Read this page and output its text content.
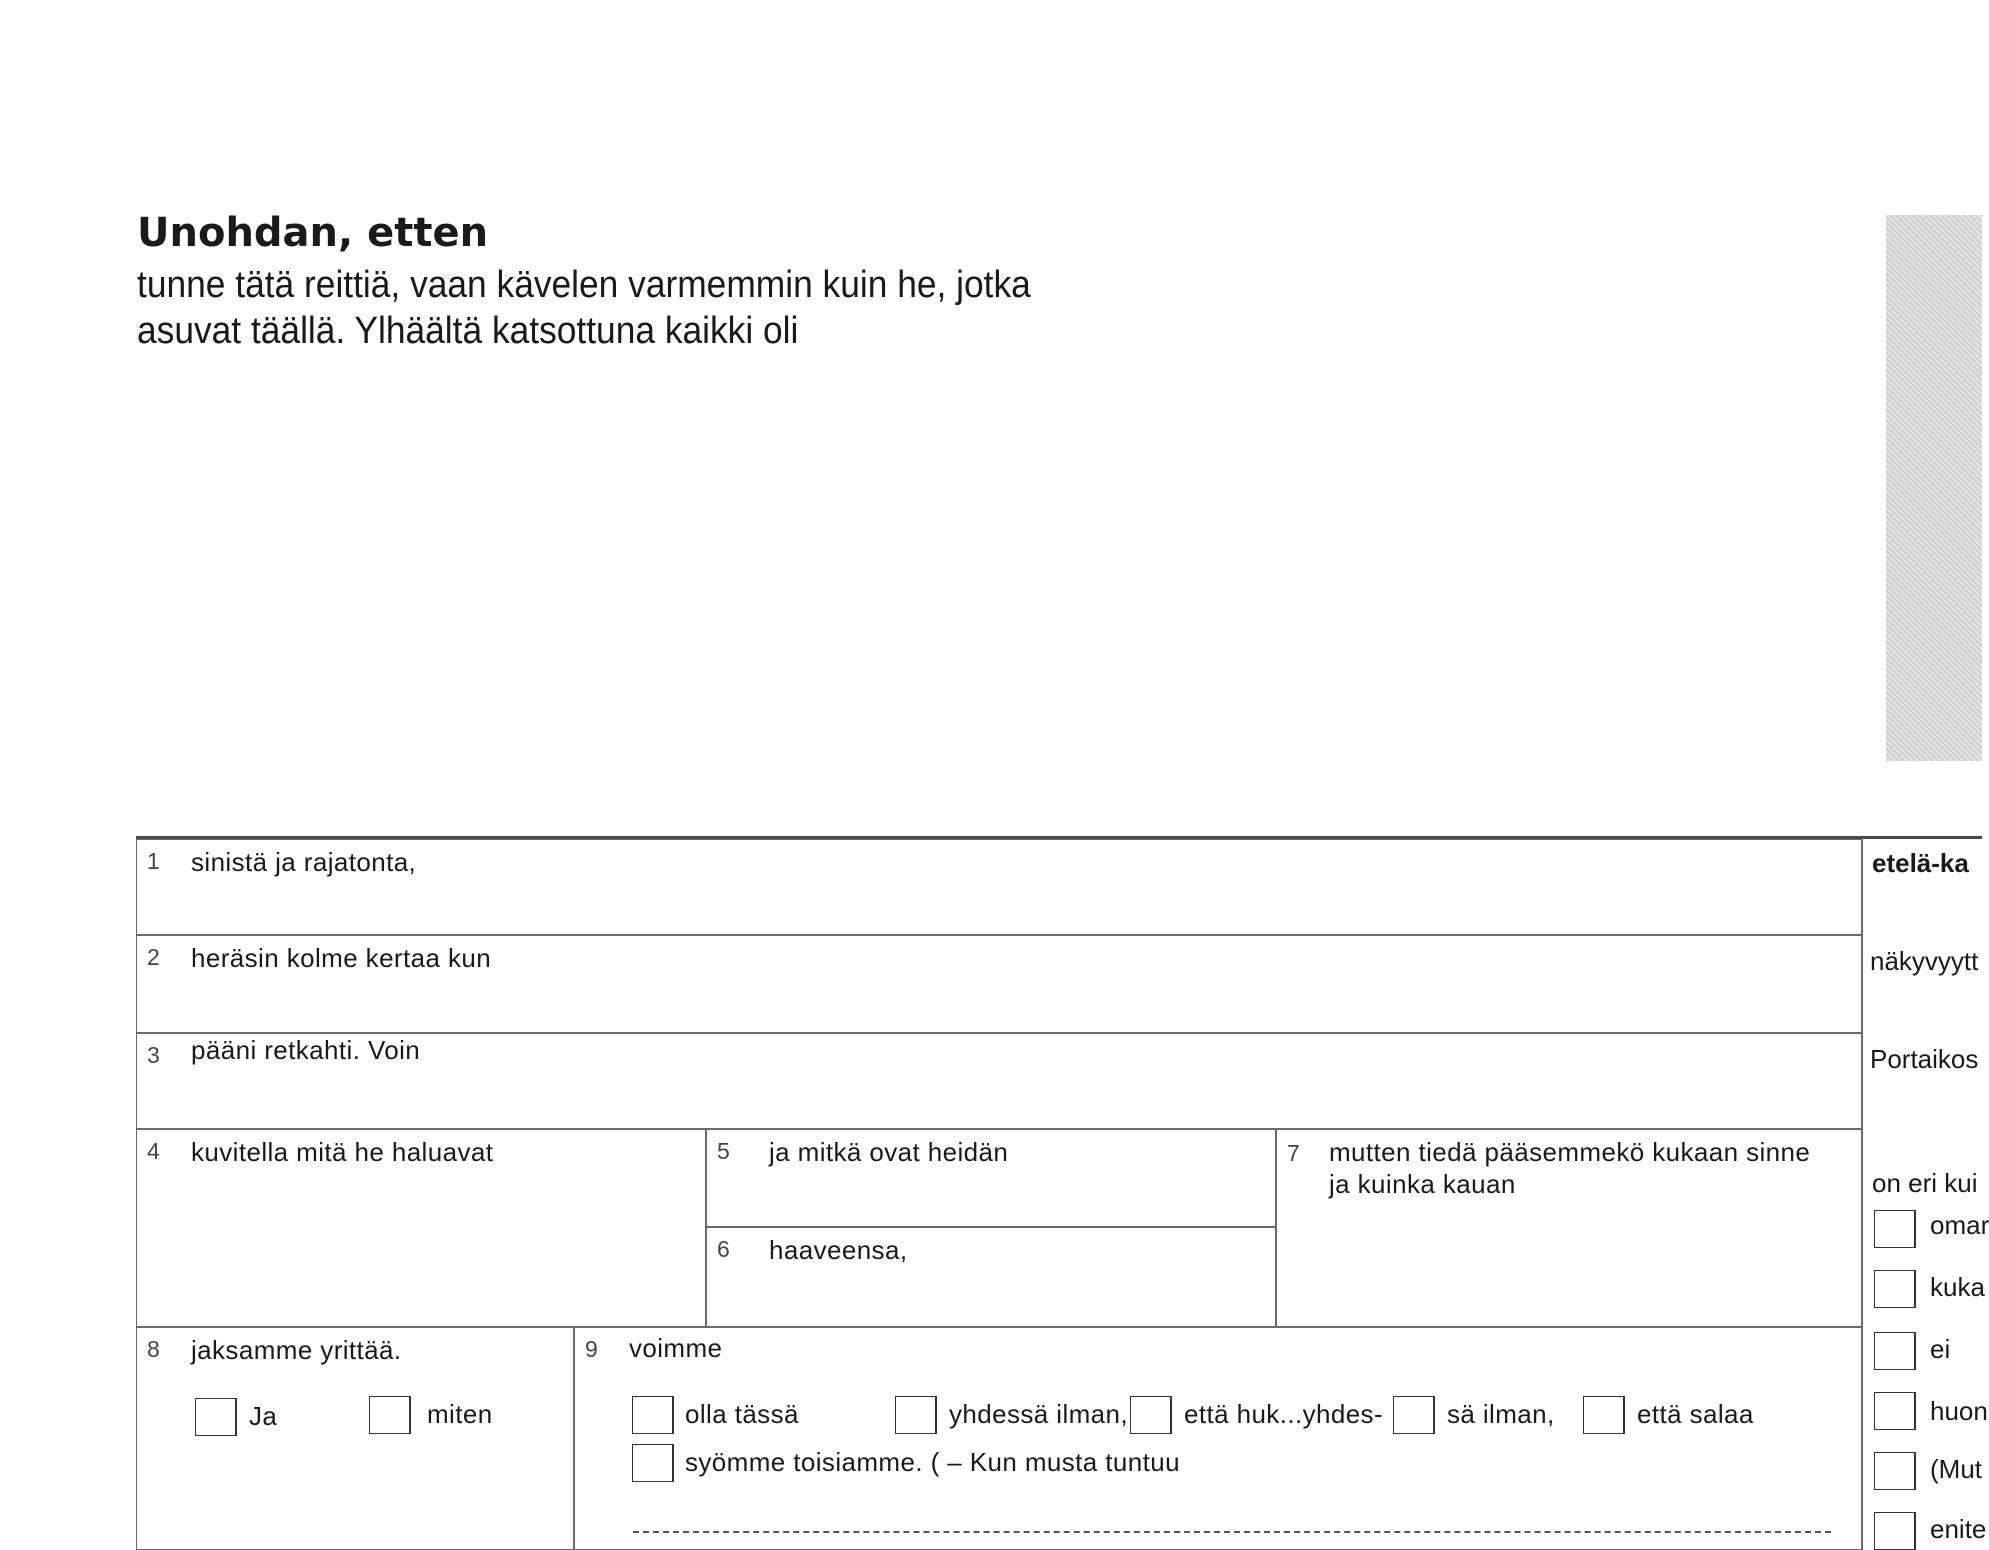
Unohdan, etten

tunne tätä reittiä, vaan kävelen varmemmin kuin he, jotka
asuvat täällä. Ylhäältä katsottuna kaikki oli

1 sinistä ja rajatonta,
2 heräsin kolme kertaa kun
3 pääni retkahti. Voin
4 kuvitella mitä he haluavat	5 ja mitkä ovat heidän
6 haaveensa,
7 mutten tiedä pääsemmekö kukaan sinne
ja kuinka kauan
8 jaksamme yrittää.
Ja	miten
9 voimme
olla tässä	yhdessä ilman, että huk...yhdes- sä ilman,	että salaa
syömme toisiamme. ( – Kun musta tuntuu
etelä-ka
näkyvyytt
Portaikos
on eri kui
omar
kuka
ei
huon
(Mut
enite
